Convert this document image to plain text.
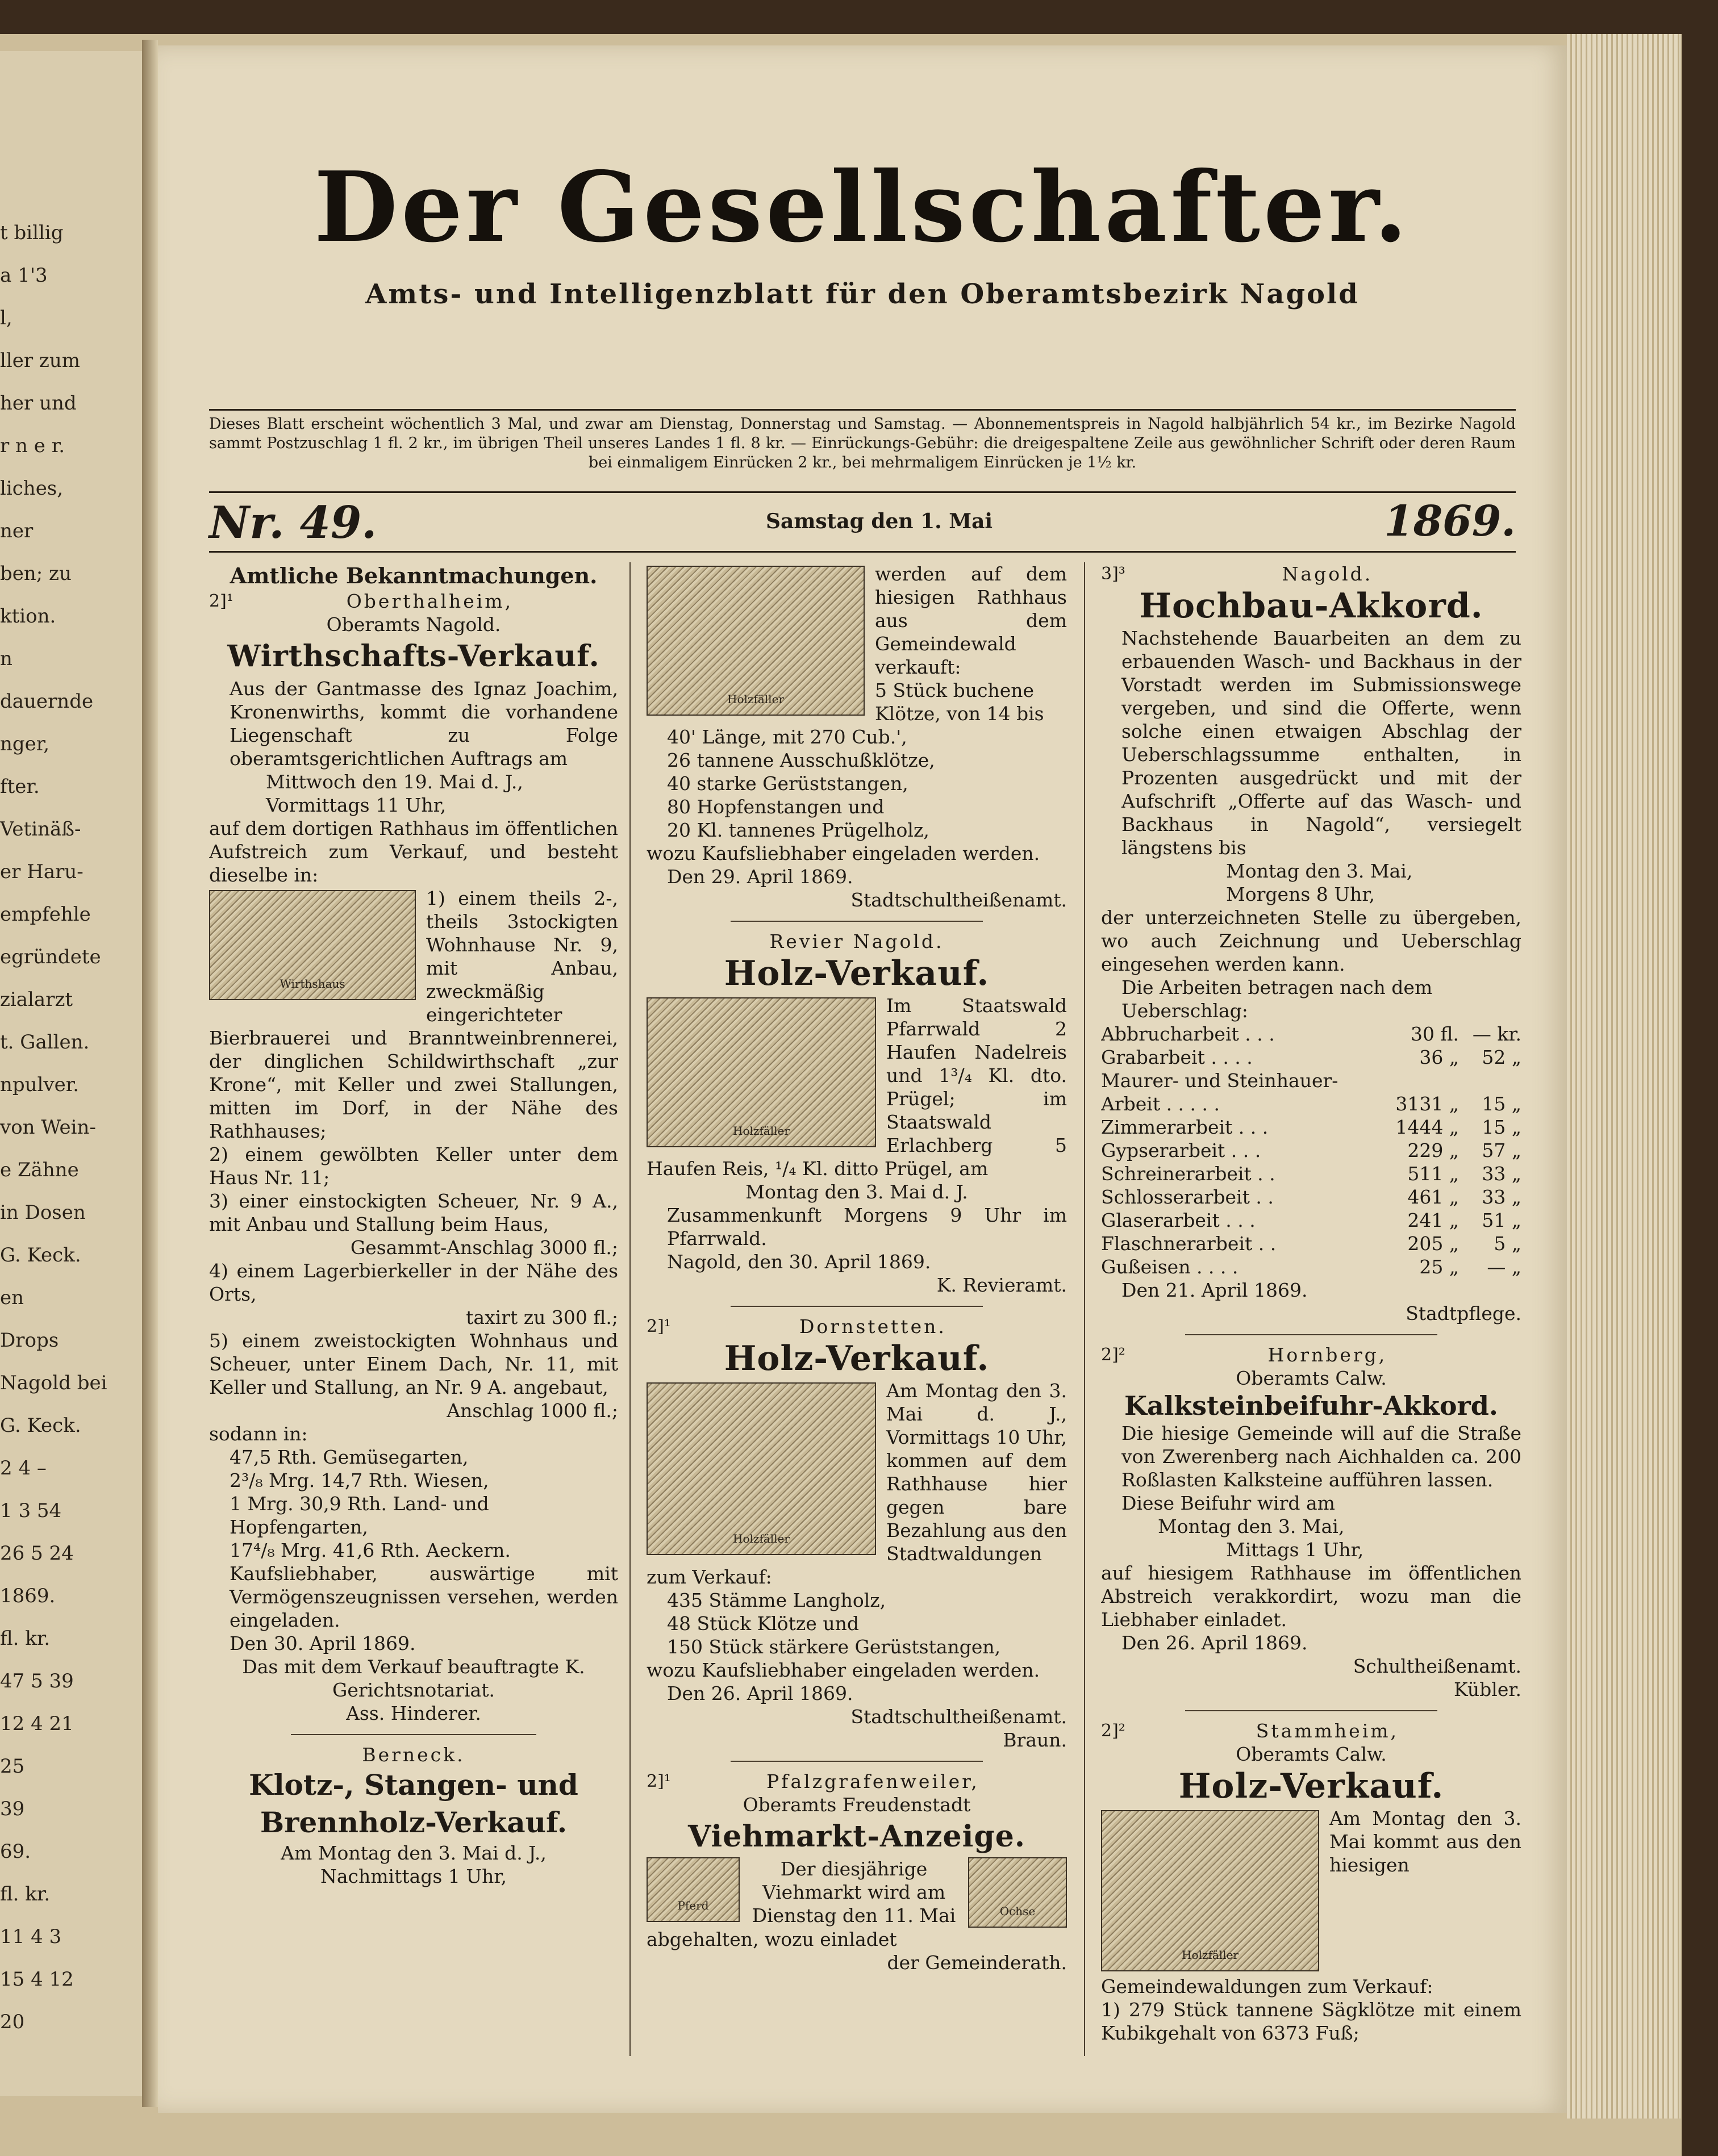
t billig
a 1'3
l,
ller zum
her und
r n e r.
liches,
ner
ben; zu
ktion.
n
dauernde
nger,
fter.
Vetinäß-
er Haru-
empfehle
egründete
zialarzt
t. Gallen.
npulver.
von Wein-
e Zähne
in Dosen
G. Keck.
en
Drops
Nagold bei
G. Keck.
2 4 –
1 3 54
26 5 24
1869.
fl. kr.
47 5 39
12 4 21
25
39
69.
fl. kr.
11 4 3
15 4 12
20
Der Gesellschafter.
Amts- und Intelligenzblatt für den Oberamtsbezirk Nagold
Dieses Blatt erscheint wöchentlich 3 Mal, und zwar am Dienstag, Donnerstag und Samstag. — Abonnementspreis in Nagold halbjährlich 54 kr., im Bezirke Nagold sammt Postzuschlag 1 fl. 2 kr., im übrigen Theil unseres Landes 1 fl. 8 kr. — Einrückungs-Gebühr: die dreigespaltene Zeile aus gewöhnlicher Schrift oder deren Raum bei einmaligem Einrücken 2 kr., bei mehrmaligem Einrücken je 1½ kr.
Nr. 49.	Samstag den 1. Mai	1869.
Amtliche Bekanntmachungen.
2]¹	Oberthalheim,
Oberamts Nagold.
Wirthschafts-Verkauf.
Aus der Gantmasse des Ignaz Joachim, Kronenwirths, kommt die vorhandene Liegenschaft zu Folge oberamtsgerichtlichen Auftrags am
Mittwoch den 19. Mai d. J.,
Vormittags 11 Uhr,
auf dem dortigen Rathhaus im öffentlichen Aufstreich zum Verkauf, und besteht dieselbe in:
Wirthshaus
1) einem theils 2-, theils 3stockigten Wohnhause Nr. 9, mit Anbau, zweckmäßig eingerichteter Bierbrauerei und Branntweinbrennerei, der dinglichen Schildwirthschaft „zur Krone“, mit Keller und zwei Stallungen, mitten im Dorf, in der Nähe des Rathhauses;
2) einem gewölbten Keller unter dem Haus Nr. 11;
3) einer einstockigten Scheuer, Nr. 9 A., mit Anbau und Stallung beim Haus,
Gesammt-Anschlag 3000 fl.;
4) einem Lagerbierkeller in der Nähe des Orts,
taxirt zu 300 fl.;
5) einem zweistockigten Wohnhaus und Scheuer, unter Einem Dach, Nr. 11, mit Keller und Stallung, an Nr. 9 A. angebaut,
Anschlag 1000 fl.;
sodann in:
47,5 Rth. Gemüsegarten,
2³/₈ Mrg. 14,7 Rth. Wiesen,
1 Mrg. 30,9 Rth. Land- und Hopfengarten,
17⁴/₈ Mrg. 41,6 Rth. Aeckern.
Kaufsliebhaber, auswärtige mit Vermögenszeugnissen versehen, werden eingeladen.
Den 30. April 1869.
Das mit dem Verkauf beauftragte K. Gerichtsnotariat.
Ass. Hinderer.
Berneck.
Klotz-, Stangen- und Brennholz-Verkauf.
Am Montag den 3. Mai d. J.,
Nachmittags 1 Uhr,
Holzfäller
werden auf dem hiesigen Rathhaus aus dem Gemeindewald verkauft:
5 Stück buchene Klötze, von 14 bis 40' Länge, mit 270 Cub.',
26 tannene Ausschußklötze,
40 starke Gerüststangen,
80 Hopfenstangen und
20 Kl. tannenes Prügelholz,
wozu Kaufsliebhaber eingeladen werden.
Den 29. April 1869.
Stadtschultheißenamt.
Revier Nagold.
Holz-Verkauf.
Holzfäller
Im Staatswald Pfarrwald 2 Haufen Nadelreis und 1³/₄ Kl. dto. Prügel; im Staatswald Erlachberg 5 Haufen Reis, ¹/₄ Kl. ditto Prügel, am
Montag den 3. Mai d. J.
Zusammenkunft Morgens 9 Uhr im Pfarrwald.
Nagold, den 30. April 1869.
K. Revieramt.
2]¹	Dornstetten.
Holz-Verkauf.
Holzfäller
Am Montag den 3. Mai d. J., Vormittags 10 Uhr, kommen auf dem Rathhause hier gegen bare Bezahlung aus den Stadtwaldungen zum Verkauf:
435 Stämme Langholz,
48 Stück Klötze und
150 Stück stärkere Gerüststangen,
wozu Kaufsliebhaber eingeladen werden.
Den 26. April 1869.
Stadtschultheißenamt.
Braun.
2]¹	Pfalzgrafenweiler,
Oberamts Freudenstadt
Viehmarkt-Anzeige.
Pferd
Der diesjährige Viehmarkt wird am Dienstag den 11. Mai	Ochse
abgehalten, wozu einladet
der Gemeinderath.
3]³	Nagold.
Hochbau-Akkord.
Nachstehende Bauarbeiten an dem zu erbauenden Wasch- und Backhaus in der Vorstadt werden im Submissionswege vergeben, und sind die Offerte, wenn solche einen etwaigen Abschlag der Ueberschlagssumme enthalten, in Prozenten ausgedrückt und mit der Aufschrift „Offerte auf das Wasch- und Backhaus in Nagold“, versiegelt längstens bis
Montag den 3. Mai,
Morgens 8 Uhr,
der unterzeichneten Stelle zu übergeben, wo auch Zeichnung und Ueberschlag eingesehen werden kann.
Die Arbeiten betragen nach dem Ueberschlag:
Abbrucharbeit . . .	30 fl. — kr.
Grabarbeit . . . .	36 „	52 „
Maurer- und Steinhauer-
Arbeit . . . . .	3131 „	15 „
Zimmerarbeit . . .	1444 „	15 „
Gypserarbeit . . .	229 „	57 „
Schreinerarbeit . .	511 „	33 „
Schlosserarbeit . .	461 „	33 „
Glaserarbeit . . .	241 „	51 „
Flaschnerarbeit . .	205 „	5 „
Gußeisen . . . .	25 „	— „
Den 21. April 1869.
Stadtpflege.
2]²	Hornberg,
Oberamts Calw.
Kalksteinbeifuhr-Akkord.
Die hiesige Gemeinde will auf die Straße von Zwerenberg nach Aichhalden ca. 200 Roßlasten Kalksteine aufführen lassen.
Diese Beifuhr wird am
Montag den 3. Mai,
Mittags 1 Uhr,
auf hiesigem Rathhause im öffentlichen Abstreich verakkordirt, wozu man die Liebhaber einladet.
Den 26. April 1869.
Schultheißenamt.
Kübler.
2]²	Stammheim,
Oberamts Calw.
Holz-Verkauf.
Holzfäller
Am Montag den 3. Mai kommt aus den hiesigen Gemeindewaldungen zum Verkauf:
1) 279 Stück tannene Sägklötze mit einem Kubikgehalt von 6373 Fuß;
